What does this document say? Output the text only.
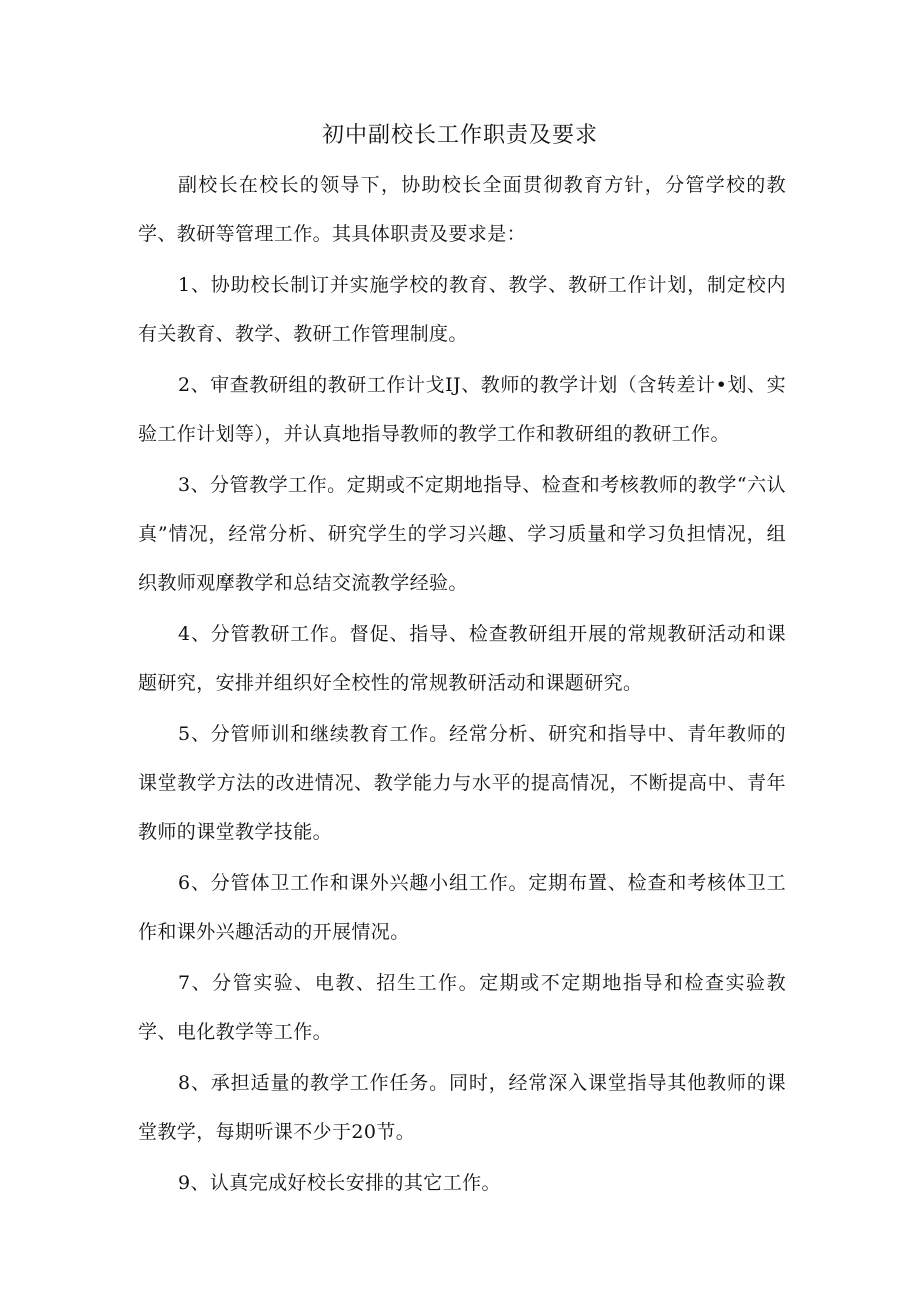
初中副校长工作职责及要求

副校长在校长的领导下，协助校长全面贯彻教育方针，分管学校的教学、教研等管理工作。其具体职责及要求是：

1、协助校长制订并实施学校的教育、教学、教研工作计划，制定校内有关教育、教学、教研工作管理制度。

2、审查教研组的教研工作计戈IJ、教师的教学计划（含转差计•划、实验工作计划等），并认真地指导教师的教学工作和教研组的教研工作。

3、分管教学工作。定期或不定期地指导、检查和考核教师的教学“六认真”情况，经常分析、研究学生的学习兴趣、学习质量和学习负担情况，组织教师观摩教学和总结交流教学经验。

4、分管教研工作。督促、指导、检查教研组开展的常规教研活动和课题研究，安排并组织好全校性的常规教研活动和课题研究。

5、分管师训和继续教育工作。经常分析、研究和指导中、青年教师的课堂教学方法的改进情况、教学能力与水平的提高情况，不断提高中、青年教师的课堂教学技能。

6、分管体卫工作和课外兴趣小组工作。定期布置、检查和考核体卫工作和课外兴趣活动的开展情况。

7、分管实验、电教、招生工作。定期或不定期地指导和检查实验教学、电化教学等工作。

8、承担适量的教学工作任务。同时，经常深入课堂指导其他教师的课堂教学，每期听课不少于20节。

9、认真完成好校长安排的其它工作。
